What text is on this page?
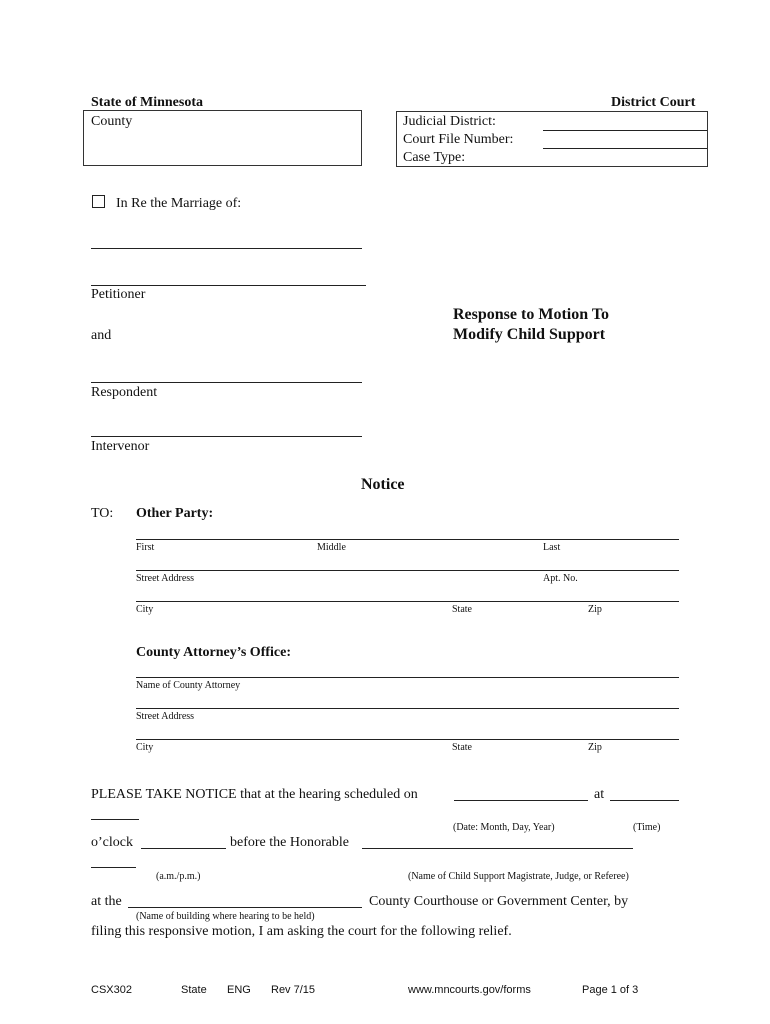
State of Minnesota	District Court
County	Judicial District:
Court File Number:
Case Type:
In Re the Marriage of:
Petitioner
and
Respondent
Intervenor
Response to Motion To
Modify Child Support
Notice
TO: Other Party:
First	Middle	Last
Street Address	Apt. No.
City	State	Zip
County Attorney’s Office:
Name of County Attorney
Street Address
City	State	Zip
PLEASE TAKE NOTICE that at the hearing scheduled on	at
(Date: Month, Day, Year)	(Time)
o’clock	before the Honorable
(a.m./p.m.)	(Name of Child Support Magistrate, Judge, or Referee)
at the	County Courthouse or Government Center, by
(Name of building where hearing to be held)
filing this responsive motion, I am asking the court for the following relief.
CSX302	State ENG Rev 7/15	www.mncourts.gov/forms	Page 1 of 3
